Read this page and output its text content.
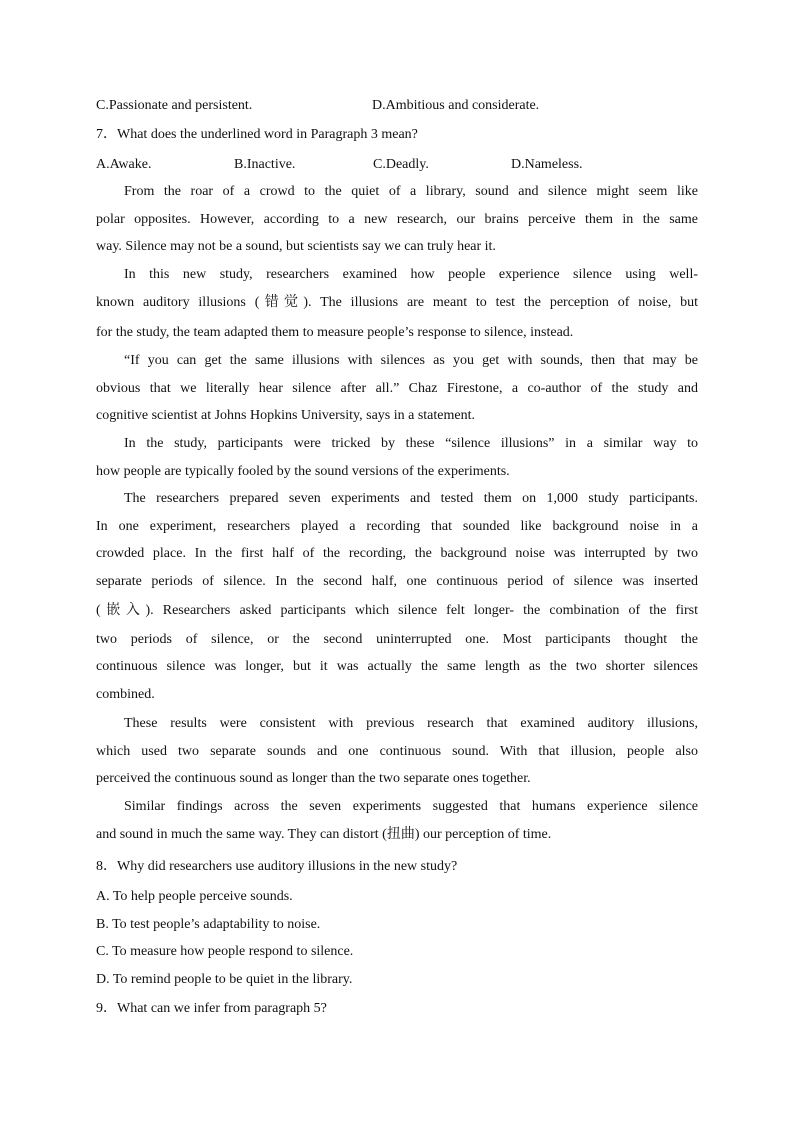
C.Passionate and persistent.	D.Ambitious and considerate.
7．What does the underlined word in Paragraph 3 mean?
A.Awake.	B.Inactive.	C.Deadly.	D.Nameless.
From the roar of a crowd to the quiet of a library, sound and silence might seem like
polar opposites. However, according to a new research, our brains perceive them in the same
way. Silence may not be a sound, but scientists say we can truly hear it.
In this new study, researchers examined how people experience silence using well-
known auditory illusions (错觉). The illusions are meant to test the perception of noise, but
for the study, the team adapted them to measure people’s response to silence, instead.
“If you can get the same illusions with silences as you get with sounds, then that may be
obvious that we literally hear silence after all.” Chaz Firestone, a co-author of the study and
cognitive scientist at Johns Hopkins University, says in a statement.
In the study, participants were tricked by these “silence illusions” in a similar way to
how people are typically fooled by the sound versions of the experiments.
The researchers prepared seven experiments and tested them on 1,000 study participants.
In one experiment, researchers played a recording that sounded like background noise in a
crowded place. In the first half of the recording, the background noise was interrupted by two
separate periods of silence. In the second half, one continuous period of silence was inserted
(嵌入). Researchers asked participants which silence felt longer- the combination of the first
two periods of silence, or the second uninterrupted one. Most participants thought the
continuous silence was longer, but it was actually the same length as the two shorter silences
combined.
These results were consistent with previous research that examined auditory illusions,
which used two separate sounds and one continuous sound. With that illusion, people also
perceived the continuous sound as longer than the two separate ones together.
Similar findings across the seven experiments suggested that humans experience silence
and sound in much the same way. They can distort (扭曲) our perception of time.
8．Why did researchers use auditory illusions in the new study?
A. To help people perceive sounds.
B. To test people’s adaptability to noise.
C. To measure how people respond to silence.
D. To remind people to be quiet in the library.
9．What can we infer from paragraph 5?
